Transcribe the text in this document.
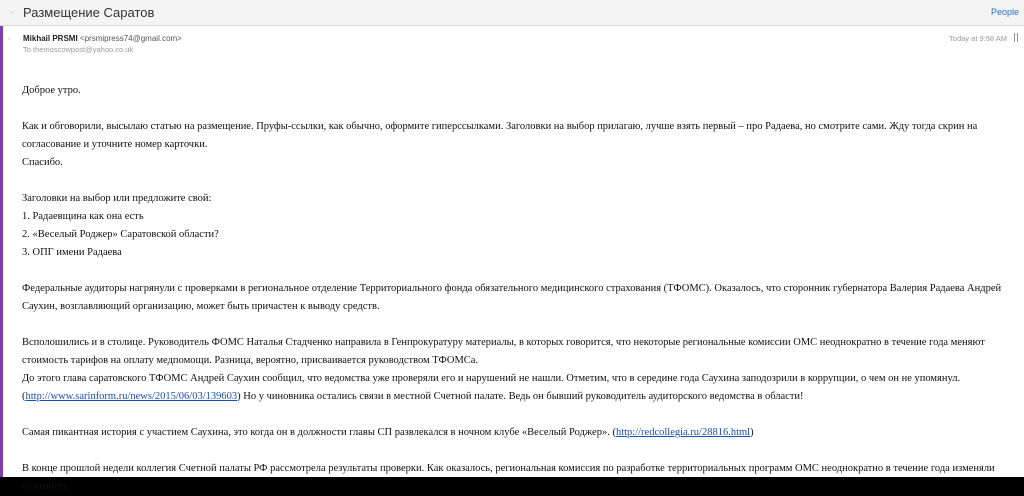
◦ Размещение Саратов	People
◦ Mikhail PRSMI <prsmipress74@gmail.com>
To themoscowpost@yahoo.co.uk
Today at 9:58 AM

Доброе утро.

Как и обговорили, высылаю статью на размещение. Пруфы-ссылки, как обычно, оформите гиперссылками. Заголовки на выбор прилагаю, лучше взять первый – про Радаева, но смотрите сами. Жду тогда скрин на согласование и уточните номер карточки.

Спасибо.

Заголовки на выбор или предложите свой:

1. Радаевщина как она есть

2. «Веселый Роджер» Саратовской области?

3. ОПГ имени Радаева

Федеральные аудиторы нагрянули с проверками в региональное отделение Территориального фонда обязательного медицинского страхования (ТФОМС). Оказалось, что сторонник губернатора Валерия Радаева Андрей Саухин, возглавляющий организацию, может быть причастен к выводу средств.

Всполошились и в столице. Руководитель ФОМС Наталья Стадченко направила в Генпрокуратуру материалы, в которых говорится, что некоторые региональные комиссии ОМС неоднократно в течение года меняют стоимость тарифов на оплату медпомощи. Разница, вероятно, присваивается руководством ТФОМСа.

До этого глава саратовского ТФОМС Андрей Саухин сообщил, что ведомства уже проверяли его и нарушений не нашли. Отметим, что в середине года Саухина заподозрили в коррупции, о чем он не упомянул. (http://www.sarinform.ru/news/2015/06/03/139603) Но у чиновника остались связи в местной Счетной палате. Ведь он бывший руководитель аудиторского ведомства в области!

Самая пикантная история с участием Саухина, это когда он в должности главы СП развлекался в ночном клубе «Веселый Роджер». (http://redcollegia.ru/28816.html)

В конце прошлой недели коллегия Счетной палаты РФ рассмотрела результаты проверки. Как оказалось, региональная комиссия по разработке территориальных программ ОМС неоднократно в течение года изменяли стоимость
